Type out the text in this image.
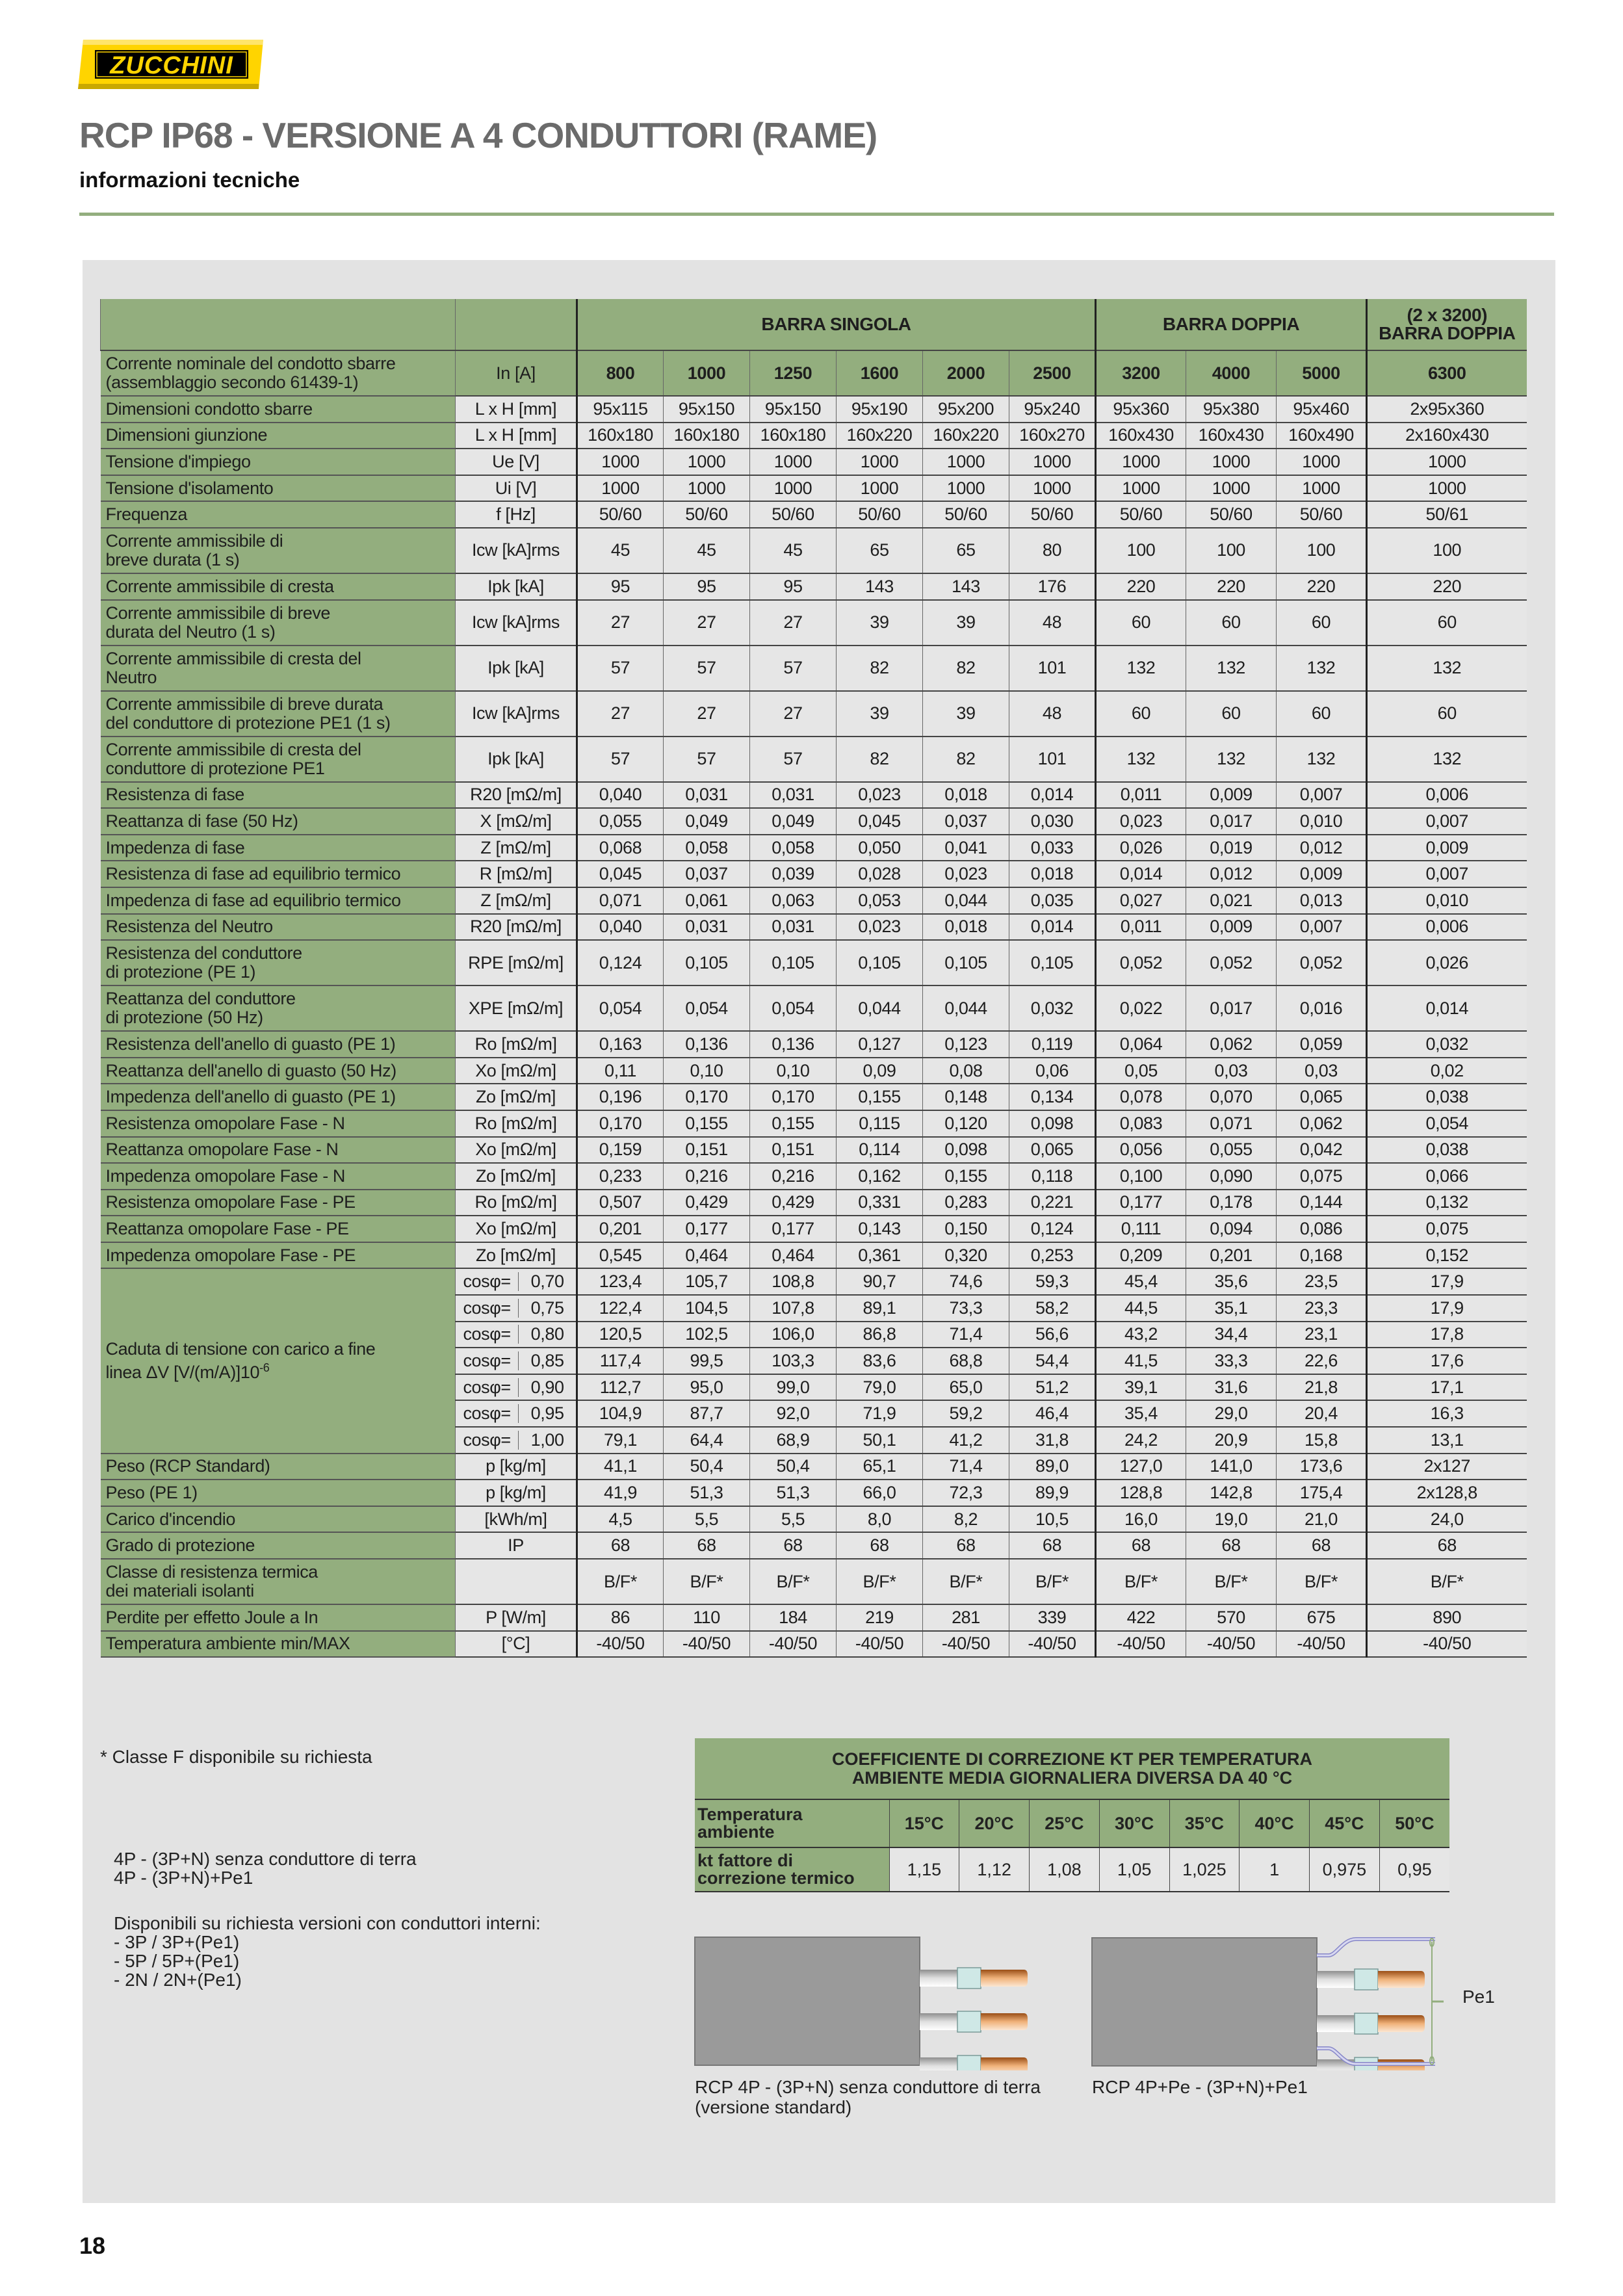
ZUCCHINI
RCP IP68 - VERSIONE A 4 CONDUTTORI (RAME)
informazioni tecniche
		BARRA SINGOLA						BARRA DOPPIA			(2 x 3200)
BARRA DOPPIA
Corrente nominale del condotto sbarre
(assemblaggio secondo 61439-1)	In [A]	800	1000	1250	1600	2000	2500	3200	4000	5000	6300
Dimensioni condotto sbarre	L x H [mm]	95x115	95x150	95x150	95x190	95x200	95x240	95x360	95x380	95x460	2x95x360
Dimensioni giunzione	L x H [mm]	160x180	160x180	160x180	160x220	160x220	160x270	160x430	160x430	160x490	2x160x430
Tensione d'impiego	Ue [V]	1000	1000	1000	1000	1000	1000	1000	1000	1000	1000
Tensione d'isolamento	Ui [V]	1000	1000	1000	1000	1000	1000	1000	1000	1000	1000
Frequenza	f [Hz]	50/60	50/60	50/60	50/60	50/60	50/60	50/60	50/60	50/60	50/61
Corrente ammissibile di
breve durata (1 s)	Icw [kA]rms	45	45	45	65	65	80	100	100	100	100
Corrente ammissibile di cresta	Ipk [kA]	95	95	95	143	143	176	220	220	220	220
Corrente ammissibile di breve
durata del Neutro (1 s)	Icw [kA]rms	27	27	27	39	39	48	60	60	60	60
Corrente ammissibile di cresta del
Neutro	Ipk [kA]	57	57	57	82	82	101	132	132	132	132
Corrente ammissibile di breve durata
del conduttore di protezione PE1 (1 s)	Icw [kA]rms	27	27	27	39	39	48	60	60	60	60
Corrente ammissibile di cresta del
conduttore di protezione PE1	Ipk [kA]	57	57	57	82	82	101	132	132	132	132
Resistenza di fase	R20 [mΩ/m]	0,040	0,031	0,031	0,023	0,018	0,014	0,011	0,009	0,007	0,006
Reattanza di fase (50 Hz)	X [mΩ/m]	0,055	0,049	0,049	0,045	0,037	0,030	0,023	0,017	0,010	0,007
Impedenza di fase	Z [mΩ/m]	0,068	0,058	0,058	0,050	0,041	0,033	0,026	0,019	0,012	0,009
Resistenza di fase ad equilibrio termico	R [mΩ/m]	0,045	0,037	0,039	0,028	0,023	0,018	0,014	0,012	0,009	0,007
Impedenza di fase ad equilibrio termico	Z [mΩ/m]	0,071	0,061	0,063	0,053	0,044	0,035	0,027	0,021	0,013	0,010
Resistenza del Neutro	R20 [mΩ/m]	0,040	0,031	0,031	0,023	0,018	0,014	0,011	0,009	0,007	0,006
Resistenza del conduttore
di protezione (PE 1)	RPE [mΩ/m]	0,124	0,105	0,105	0,105	0,105	0,105	0,052	0,052	0,052	0,026
Reattanza del conduttore
di protezione (50 Hz)	XPE [mΩ/m]	0,054	0,054	0,054	0,044	0,044	0,032	0,022	0,017	0,016	0,014
Resistenza dell'anello di guasto (PE 1)	Ro [mΩ/m]	0,163	0,136	0,136	0,127	0,123	0,119	0,064	0,062	0,059	0,032
Reattanza dell'anello di guasto (50 Hz)	Xo [mΩ/m]	0,11	0,10	0,10	0,09	0,08	0,06	0,05	0,03	0,03	0,02
Impedenza dell'anello di guasto (PE 1)	Zo [mΩ/m]	0,196	0,170	0,170	0,155	0,148	0,134	0,078	0,070	0,065	0,038
Resistenza omopolare Fase - N	Ro [mΩ/m]	0,170	0,155	0,155	0,115	0,120	0,098	0,083	0,071	0,062	0,054
Reattanza omopolare Fase - N	Xo [mΩ/m]	0,159	0,151	0,151	0,114	0,098	0,065	0,056	0,055	0,042	0,038
Impedenza omopolare Fase - N	Zo [mΩ/m]	0,233	0,216	0,216	0,162	0,155	0,118	0,100	0,090	0,075	0,066
Resistenza omopolare Fase - PE	Ro [mΩ/m]	0,507	0,429	0,429	0,331	0,283	0,221	0,177	0,178	0,144	0,132
Reattanza omopolare Fase - PE	Xo [mΩ/m]	0,201	0,177	0,177	0,143	0,150	0,124	0,111	0,094	0,086	0,075
Impedenza omopolare Fase - PE	Zo [mΩ/m]	0,545	0,464	0,464	0,361	0,320	0,253	0,209	0,201	0,168	0,152
Caduta di tensione con carico a fine
linea ΔV $[V/(m/A)]10^{-6}$	cosφ= 0,70	123,4	105,7	108,8	90,7	74,6	59,3	45,4	35,6	23,5	17,9

cosφ= 0,75	122,4	104,5	107,8	89,1	73,3	58,2	44,5	35,1	23,3	17,9

cosφ= 0,80	120,5	102,5	106,0	86,8	71,4	56,6	43,2	34,4	23,1	17,8

cosφ= 0,85	117,4	99,5	103,3	83,6	68,8	54,4	41,5	33,3	22,6	17,6

cosφ= 0,90	112,7	95,0	99,0	79,0	65,0	51,2	39,1	31,6	21,8	17,1

cosφ= 0,95	104,9	87,7	92,0	71,9	59,2	46,4	35,4	29,0	20,4	16,3

cosφ= 1,00	79,1	64,4	68,9	50,1	41,2	31,8	24,2	20,9	15,8	13,1
Peso (RCP Standard)	p [kg/m]	41,1	50,4	50,4	65,1	71,4	89,0	127,0	141,0	173,6	2x127
Peso (PE 1)	p [kg/m]	41,9	51,3	51,3	66,0	72,3	89,9	128,8	142,8	175,4	2x128,8
Carico d'incendio	[kWh/m]	4,5	5,5	5,5	8,0	8,2	10,5	16,0	19,0	21,0	24,0
Grado di protezione	IP	68	68	68	68	68	68	68	68	68	68
Classe di resistenza termica
dei materiali isolanti		B/F*	B/F*	B/F*	B/F*	B/F*	B/F*	B/F*	B/F*	B/F*	B/F*
Perdite per effetto Joule a In	P [W/m]	86	110	184	219	281	339	422	570	675	890
Temperatura ambiente min/MAX	[°C]	-40/50	-40/50	-40/50	-40/50	-40/50	-40/50	-40/50	-40/50	-40/50	-40/50
* Classe F disponibile su richiesta
4P - (3P+N) senza conduttore di terra
4P - (3P+N)+Pe1
Disponibili su richiesta versioni con conduttori interni:
- 3P / 3P+(Pe1)
- 5P / 5P+(Pe1)
- 2N / 2N+(Pe1)
COEFFICIENTE DI CORREZIONE KT PER TEMPERATURA
AMBIENTE MEDIA GIORNALIERA DIVERSA DA 40 °C								
Temperatura
ambiente	15°C	20°C	25°C	30°C	35°C	40°C	45°C	50°C
kt fattore di
correzione termico	1,15	1,12	1,08	1,05	1,025	1	0,975	0,95
Pe1
RCP 4P - (3P+N) senza conduttore di terra
(versione standard)
RCP 4P+Pe - (3P+N)+Pe1
18
